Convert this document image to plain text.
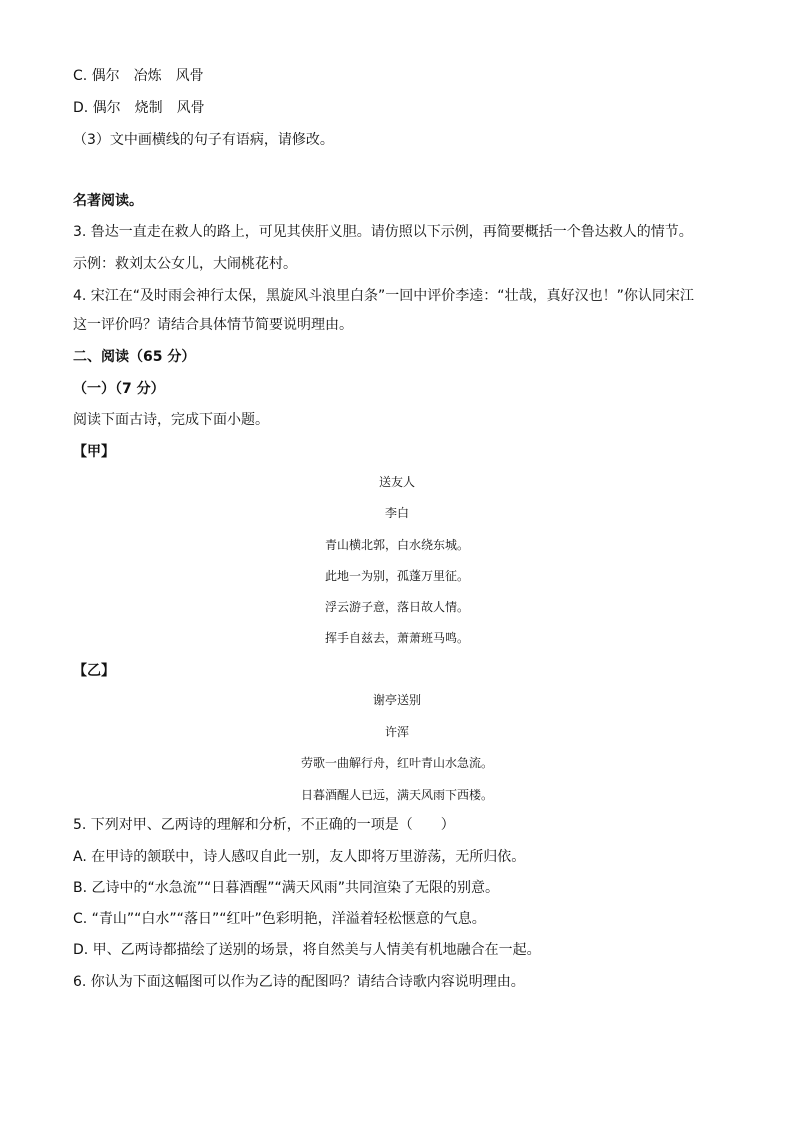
C. 偶尔　冶炼　风骨
D. 偶尔　烧制　风骨
（3）文中画横线的句子有语病，请修改。
名著阅读。
3. 鲁达一直走在救人的路上，可见其侠肝义胆。请仿照以下示例，再简要概括一个鲁达救人的情节。
示例：救刘太公女儿，大闹桃花村。
4. 宋江在“及时雨会神行太保，黑旋风斗浪里白条”一回中评价李逵：“壮哉，真好汉也！”你认同宋江
这一评价吗？请结合具体情节简要说明理由。
二、阅读（65 分）
（一）（7 分）
阅读下面古诗，完成下面小题。
【甲】
送友人
李白
青山横北郭，白水绕东城。
此地一为别，孤蓬万里征。
浮云游子意，落日故人情。
挥手自兹去，萧萧班马鸣。
【乙】
谢亭送别
许浑
劳歌一曲解行舟，红叶青山水急流。
日暮酒醒人已远，满天风雨下西楼。
5. 下列对甲、乙两诗的理解和分析，不正确的一项是（　　）
A. 在甲诗的颔联中，诗人感叹自此一别，友人即将万里游荡，无所归依。
B. 乙诗中的“水急流”“日暮酒醒”“满天风雨”共同渲染了无限的别意。
C. “青山”“白水”“落日”“红叶”色彩明艳，洋溢着轻松惬意的气息。
D. 甲、乙两诗都描绘了送别的场景，将自然美与人情美有机地融合在一起。
6. 你认为下面这幅图可以作为乙诗的配图吗？请结合诗歌内容说明理由。
